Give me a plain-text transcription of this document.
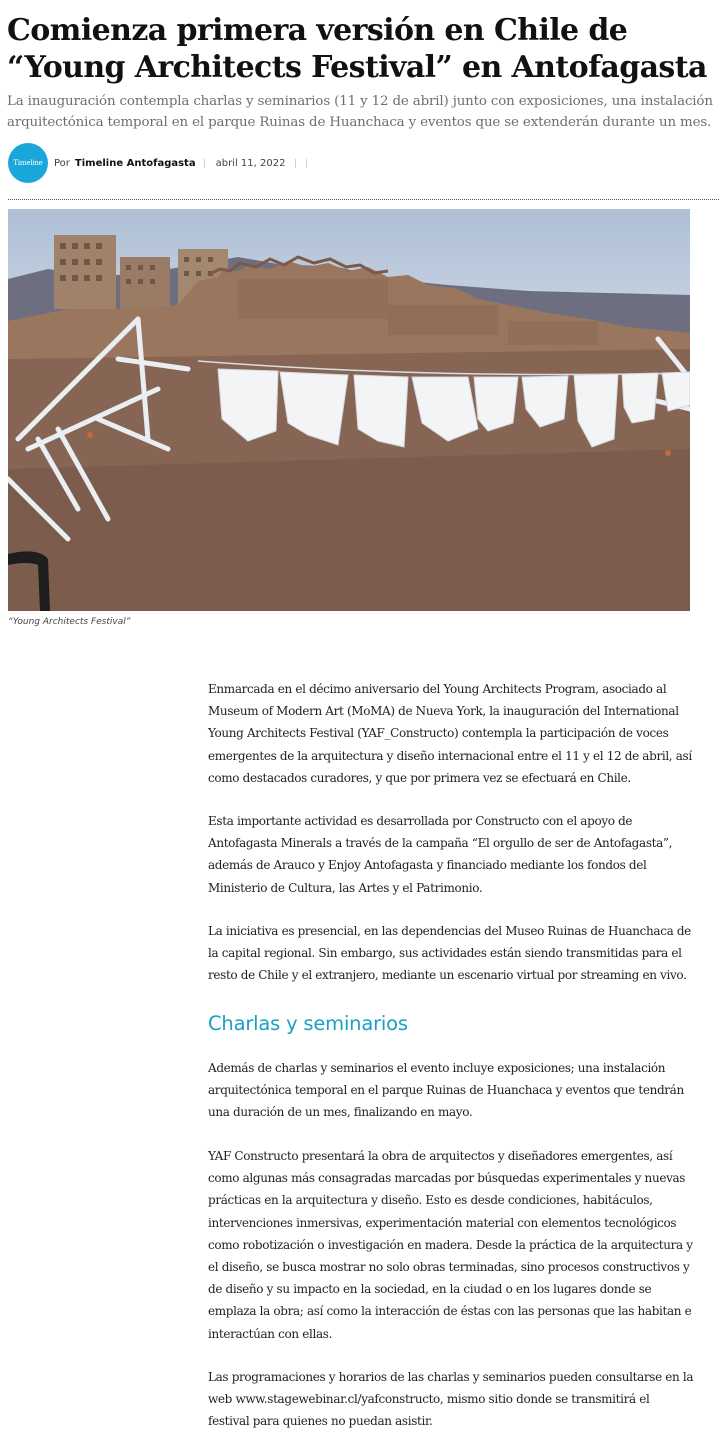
Comienza primera versión en Chile de “Young Architects Festival” en Antofagasta

La inauguración contempla charlas y seminarios (11 y 12 de abril) junto con exposiciones, una instalación arquitectónica temporal en el parque Ruinas de Huanchaca y eventos que se extenderán durante un mes.

Timeline Por Timeline Antofagasta abril 11, 2022

“Young Architects Festival”

Enmarcada en el décimo aniversario del Young Architects Program, asociado al Museum of Modern Art (MoMA) de Nueva York, la inauguración del International Young Architects Festival (YAF_Constructo) contempla la participación de voces emergentes de la arquitectura y diseño internacional entre el 11 y el 12 de abril, así como destacados curadores, y que por primera vez se efectuará en Chile.

Esta importante actividad es desarrollada por Constructo con el apoyo de Antofagasta Minerals a través de la campaña “El orgullo de ser de Antofagasta”, además de Arauco y Enjoy Antofagasta y financiado mediante los fondos del Ministerio de Cultura, las Artes y el Patrimonio.

La iniciativa es presencial, en las dependencias del Museo Ruinas de Huanchaca de la capital regional. Sin embargo, sus actividades están siendo transmitidas para el resto de Chile y el extranjero, mediante un escenario virtual por streaming en vivo.

Charlas y seminarios

Además de charlas y seminarios el evento incluye exposiciones; una instalación arquitectónica temporal en el parque Ruinas de Huanchaca y eventos que tendrán una duración de un mes, finalizando en mayo.

YAF Constructo presentará la obra de arquitectos y diseñadores emergentes, así como algunas más consagradas marcadas por búsquedas experimentales y nuevas prácticas en la arquitectura y diseño. Esto es desde condiciones, habitáculos, intervenciones inmersivas, experimentación material con elementos tecnológicos como robotización o investigación en madera. Desde la práctica de la arquitectura y el diseño, se busca mostrar no solo obras terminadas, sino procesos constructivos y de diseño y su impacto en la sociedad, en la ciudad o en los lugares donde se emplaza la obra; así como la interacción de éstas con las personas que las habitan e interactúan con ellas.

Las programaciones y horarios de las charlas y seminarios pueden consultarse en la web www.stagewebinar.cl/yafconstructo, mismo sitio donde se transmitirá el festival para quienes no puedan asistir.
